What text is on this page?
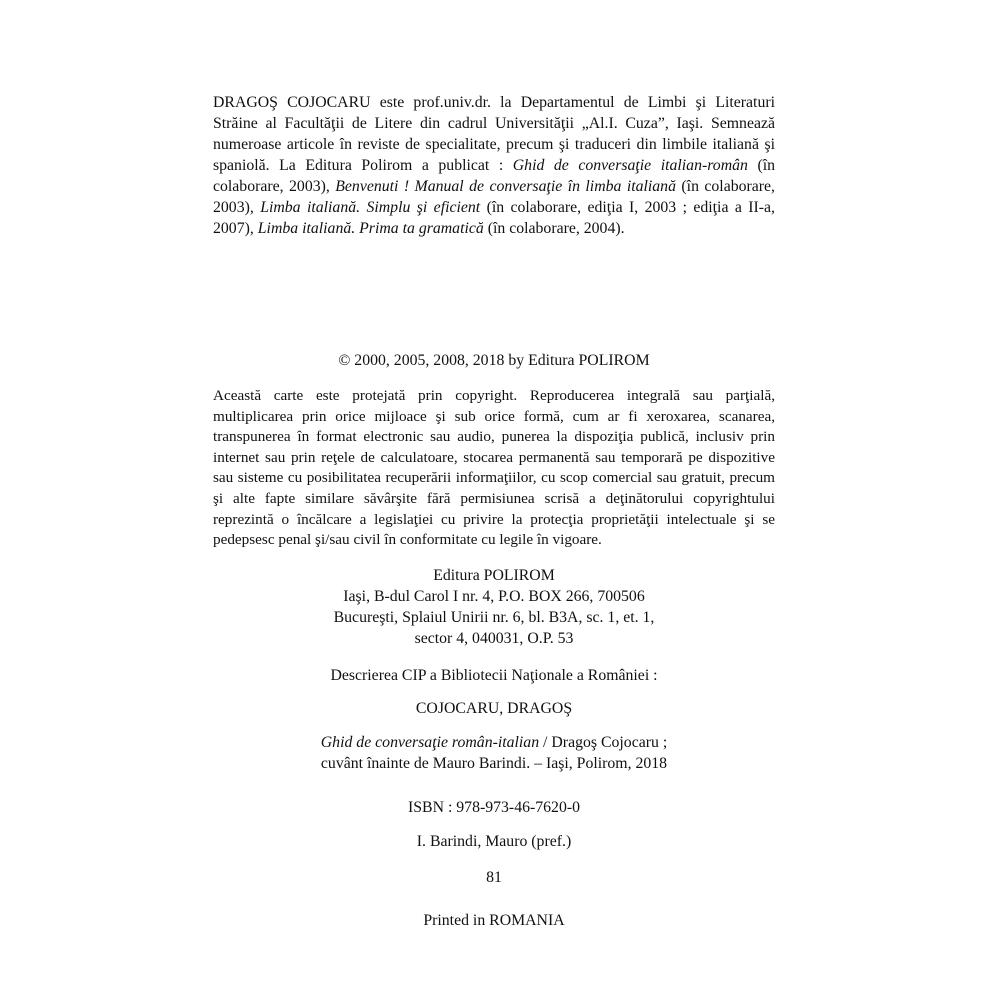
DRAGOŞ COJOCARU este prof.univ.dr. la Departamentul de Limbi şi Literaturi Străine al Facultăţii de Litere din cadrul Universităţii „Al.I. Cuza”, Iaşi. Semnează numeroase articole în reviste de specialitate, precum şi traduceri din limbile italiană şi spaniolă. La Editura Polirom a publicat : Ghid de conversaţie italian-român (în colaborare, 2003), Benvenuti ! Manual de conversaţie în limba italiană (în colaborare, 2003), Limba italiană. Simplu şi eficient (în colaborare, ediţia I, 2003 ; ediţia a II-a, 2007), Limba italiană. Prima ta gramatică (în colaborare, 2004).
© 2000, 2005, 2008, 2018 by Editura POLIROM
Această carte este protejată prin copyright. Reproducerea integrală sau parţială, multiplicarea prin orice mijloace şi sub orice formă, cum ar fi xeroxarea, scanarea, transpunerea în format electronic sau audio, punerea la dispoziţia publică, inclusiv prin internet sau prin reţele de calculatoare, stocarea permanentă sau temporară pe dispozitive sau sisteme cu posibilitatea recuperării informaţiilor, cu scop comercial sau gratuit, precum şi alte fapte similare săvârşite fără permisiunea scrisă a deţinătorului copyrightului reprezintă o încălcare a legislaţiei cu privire la protecţia proprietăţii intelectuale şi se pedepsesc penal şi/sau civil în conformitate cu legile în vigoare.
Editura POLIROM
Iaşi, B-dul Carol I nr. 4, P.O. BOX 266, 700506
Bucureşti, Splaiul Unirii nr. 6, bl. B3A, sc. 1, et. 1,
sector 4, 040031, O.P. 53
Descrierea CIP a Bibliotecii Naţionale a României :
COJOCARU, DRAGOŞ
Ghid de conversaţie român-italian / Dragoş Cojocaru ;
cuvânt înainte de Mauro Barindi. – Iaşi, Polirom, 2018
ISBN : 978-973-46-7620-0
I. Barindi, Mauro (pref.)
81
Printed in ROMANIA
